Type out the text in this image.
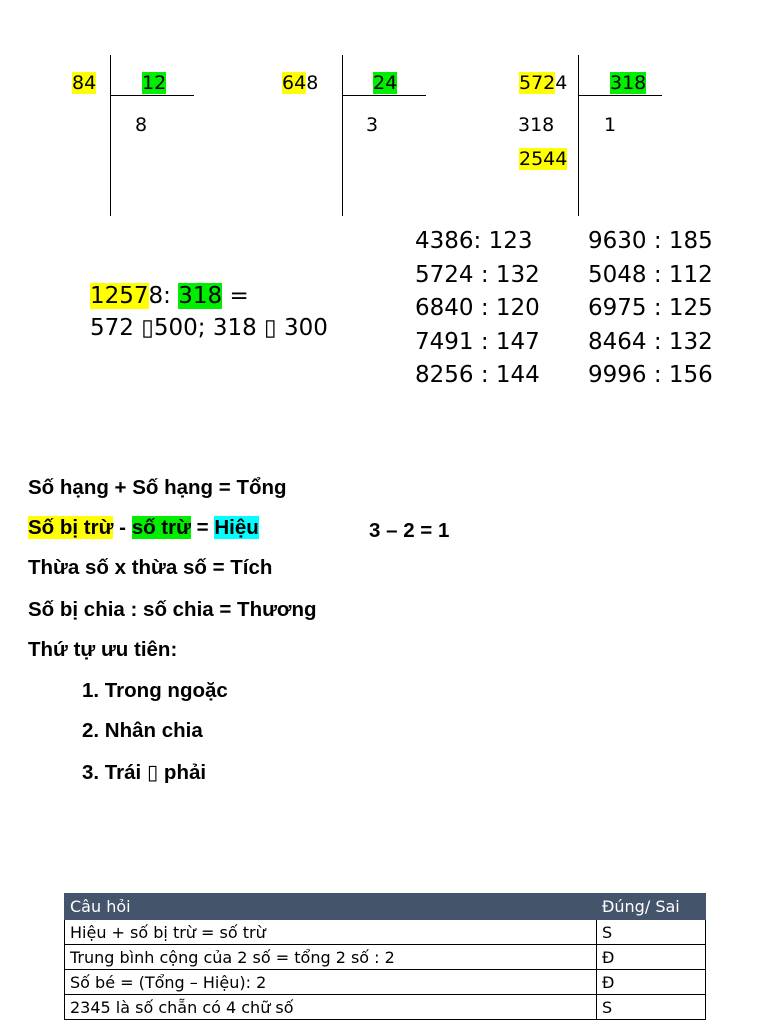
84 12
8
648	24
3
5724 318
1
318
2544
12578: 318 =
572 ▯500; 318 ▯ 300
4386: 123
5724 : 132
6840 : 120
7491 : 147
8256 : 144
9630 : 185
5048 : 112
6975 : 125
8464 : 132
9996 : 156
Số hạng + Số hạng = Tổng
Số bị trừ - số trừ = Hiệu	3 – 2 = 1
Thừa số x thừa số = Tích
Số bị chia : số chia = Thương
Thứ tự ưu tiên:
1. Trong ngoặc
2. Nhân chia
3. Trái ▯ phải
Câu hỏi	Đúng/ Sai
Hiệu + số bị trừ = số trừ	S
Trung bình cộng của 2 số = tổng 2 số : 2	Đ
Số bé = (Tổng – Hiệu): 2	Đ
2345 là số chẵn có 4 chữ số	S
